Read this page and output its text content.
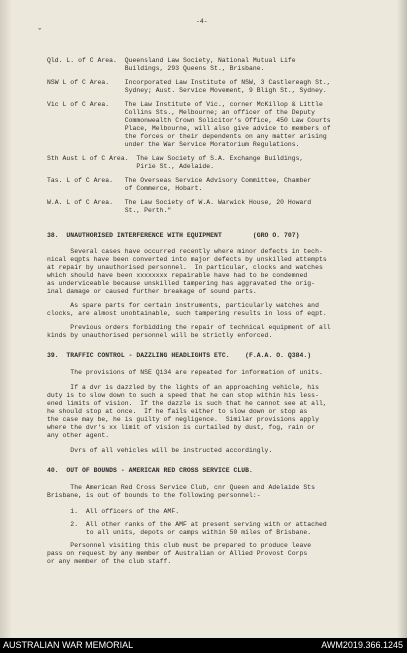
-4-
ˇ
Qld. L. of C Area.  Queensland Law Society, National Mutual Life
Buildings, 293 Queens St., Brisbane.
NSW L of C Area.    Incorporated Law Institute of NSW, 3 Castlereagh St.,
Sydney; Aust. Service Movement, 9 Bligh St., Sydney.
Vic L of C Area.    The Law Institute of Vic., corner McKillop & Little
Collins Sts., Melbourne; an officer of the Deputy
Commonwealth Crown Solicitor's Office, 450 Law Courts
Place, Melbourne, will also give advice to members of
the forces or their dependents on any matter arising
under the War Service Moratorium Regulations.
Sth Aust L of C Area.  The Law Society of S.A. Exchange Buildings,
Pirie St., Adelaide.
Tas. L of C Area.   The Overseas Service Advisory Committee, Chamber
of Commerce, Hobart.
W.A. L of C Area.   The Law Society of W.A. Warwick House, 20 Howard
St., Perth."
38.  UNAUTHORISED INTERFERENCE WITH EQUIPMENT        (GRO O. 707)
Several cases have occurred recently where minor defects in tech-
nical eqpts have been converted into major defects by unskilled attempts
at repair by unauthorised personnel.  In particular, clocks and watches
which should have been xxxxxxxx repairable have had to be condemned
as underviceable because unskilled tampering has aggravated the orig-
inal damage or caused further breakage of sound parts.
As spare parts for certain instruments, particularly watches and
clocks, are almost unobtainable, such tampering results in loss of eqpt.
Previous orders forbidding the repair of technical equipment of all
kinds by unauthorised personnel will be strictly enforced.
39.  TRAFFIC CONTROL - DAZZLING HEADLIGHTS ETC.    (F.A.A. O. Q384.)
The provisions of NSE Q134 are repeated for information of units.
If a dvr is dazzled by the lights of an approaching vehicle, his
duty is to slow down to such a speed that he can stop within his less-
ened limits of vision.  If the dazzle is such that he cannot see at all,
he should stop at once.  If he fails either to slow down or stop as
the case may be, he is guilty of negligence.  Similar provisions apply
where the dvr's xx limit of vision is curtailed by dust, fog, rain or
any other agent.
Dvrs of all vehicles will be instructed accordingly.
40.  OUT OF BOUNDS - AMERICAN RED CROSS SERVICE CLUB.
The American Red Cross Service Club, cnr Queen and Adelaide Sts
Brisbane, is out of bounds to the following personnel:-
1.  All officers of the AMF.
2.  All other ranks of the AMF at present serving with or attached
to all units, depots or camps within 50 miles of Brisbane.
Personnel visiting this club must be prepared to produce leave
pass on request by any member of Australian or Allied Provost Corps
or any member of the club staff.
AUSTRALIAN WAR MEMORIAL	AWM2019.366.1245
